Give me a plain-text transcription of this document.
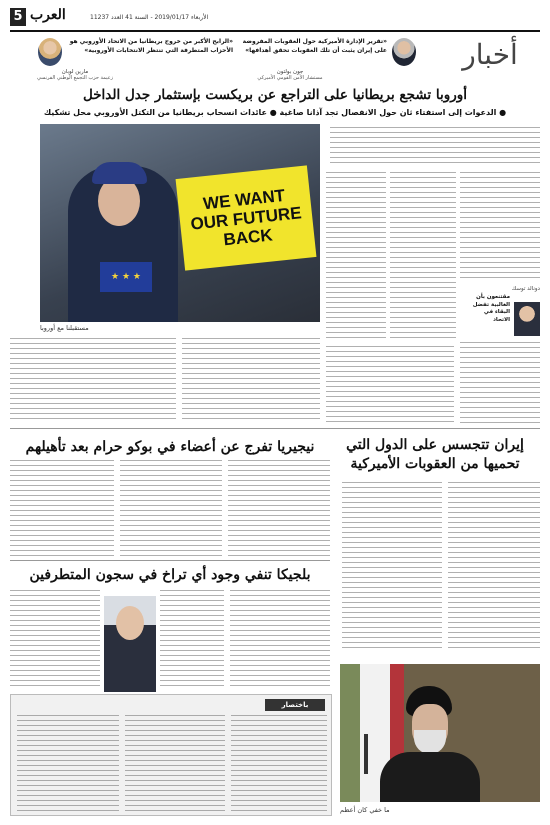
5 العرب	الأربعاء 2019/01/17 - السنة 41 العدد 11237
«الرابح الأكبر من خروج بريطانيا من الاتحاد الأوروبي هو الأحزاب المتطرفة التي تنتظر الانتخابات الأوروبية»
مارين لوبان
زعيمة حزب التجمع الوطني الفرنسي
«تقرير الإدارة الأميركية حول العقوبات المفروضة على إيران يثبت أن تلك العقوبات تحقق أهدافها»
جون بولتون
مستشار الأمن القومي الأميركي
أخبار
أوروبا تشجع بريطانيا على التراجع عن بريكست بإستثمار جدل الداخل
● الدعوات إلى استفتاء ثان حول الانفصال تجد آذانا صاغية ● عائدات انسحاب بريطانيا من التكتل الأوروبي محل تشكيك
★ ★ ★
WE WANT OUR FUTURE BACK
مستقبلنا مع أوروبا
مقتنعون بأن الغالبية تفضل البقاء في الاتحاد
دونالد توسك
إيران تتجسس على الدول التي تحميها من العقوبات الأميركية
ما خفي كان أعظم
نيجيريا تفرج عن أعضاء في بوكو حرام بعد تأهيلهم
بلجيكا تنفي وجود أي تراخ في سجون المتطرفين
باختصار
